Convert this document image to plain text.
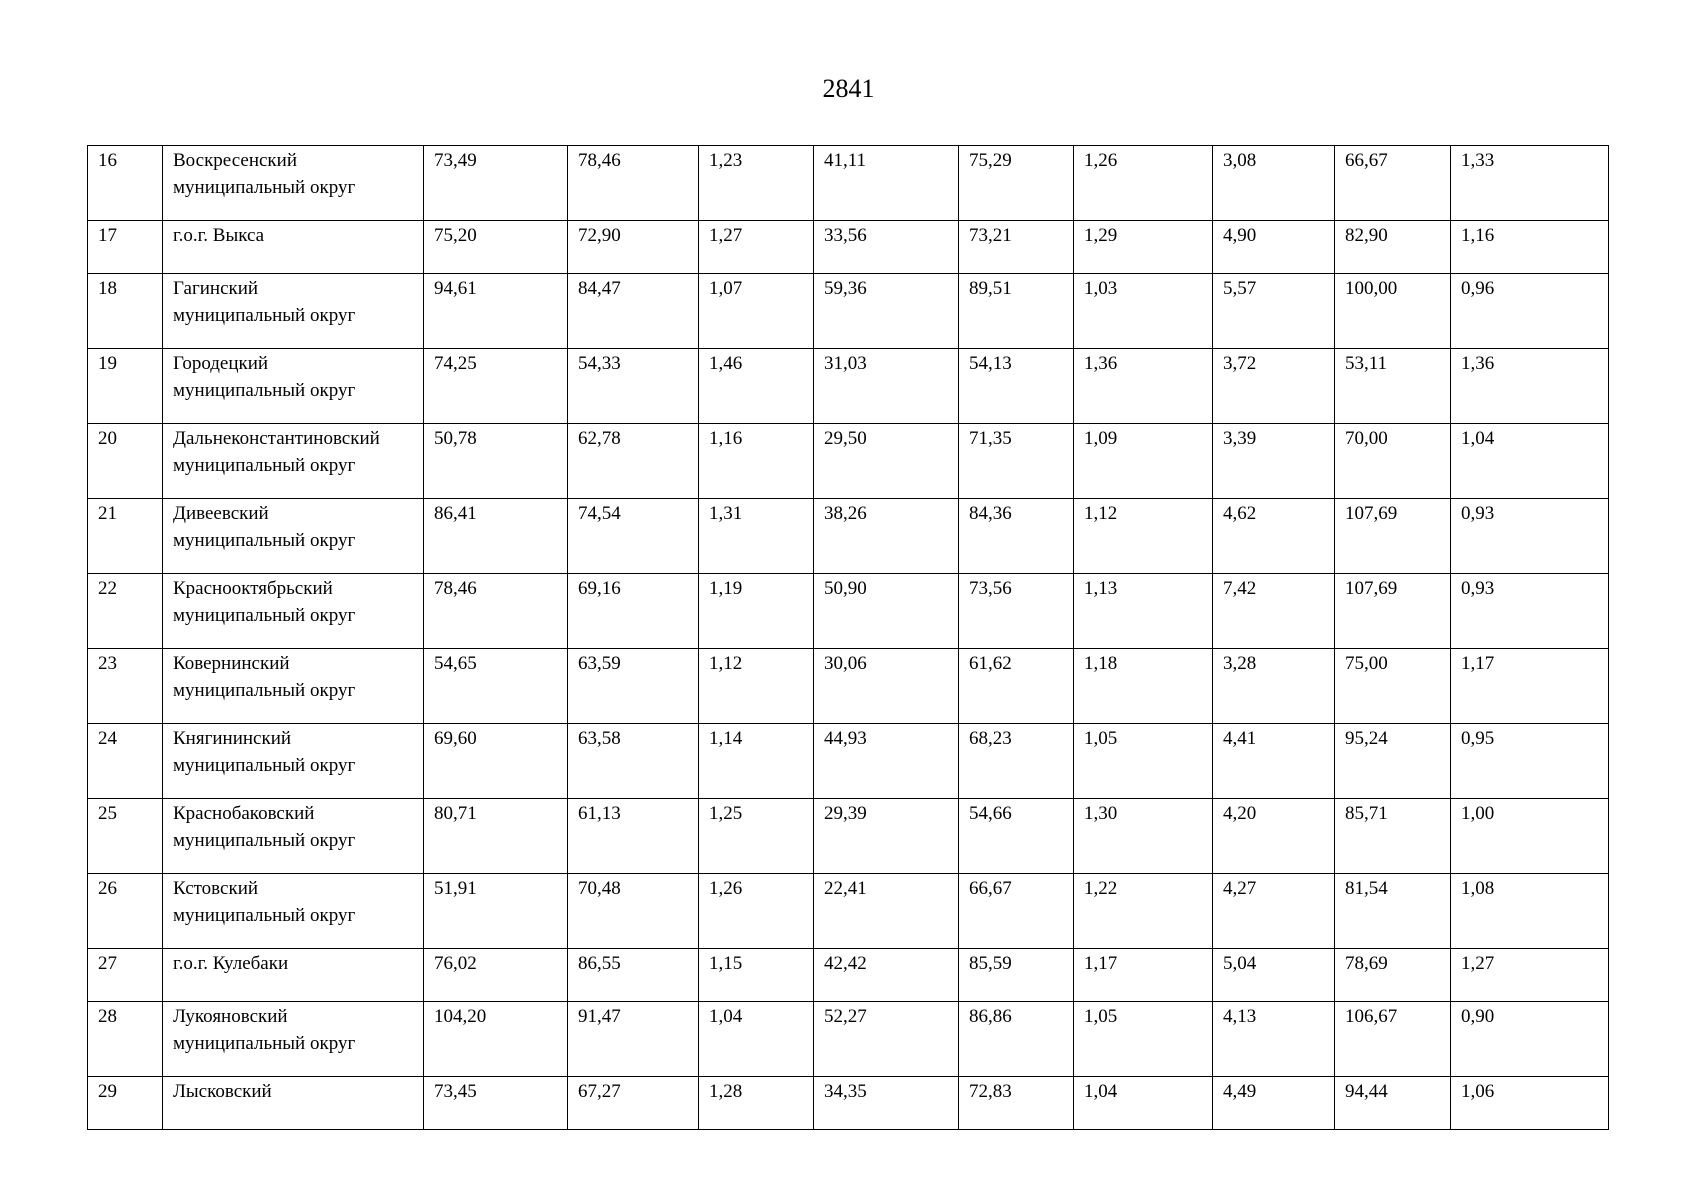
2841
16	Воскресенский
муниципальный округ	73,49	78,46	1,23	41,11	75,29	1,26	3,08	66,67	1,33
17	г.о.г. Выкса	75,20	72,90	1,27	33,56	73,21	1,29	4,90	82,90	1,16
18	Гагинский
муниципальный округ	94,61	84,47	1,07	59,36	89,51	1,03	5,57	100,00	0,96
19	Городецкий
муниципальный округ	74,25	54,33	1,46	31,03	54,13	1,36	3,72	53,11	1,36
20	Дальнеконстантиновский
муниципальный округ	50,78	62,78	1,16	29,50	71,35	1,09	3,39	70,00	1,04
21	Дивеевский
муниципальный округ	86,41	74,54	1,31	38,26	84,36	1,12	4,62	107,69	0,93
22	Краснооктябрьский
муниципальный округ	78,46	69,16	1,19	50,90	73,56	1,13	7,42	107,69	0,93
23	Ковернинский
муниципальный округ	54,65	63,59	1,12	30,06	61,62	1,18	3,28	75,00	1,17
24	Княгининский
муниципальный округ	69,60	63,58	1,14	44,93	68,23	1,05	4,41	95,24	0,95
25	Краснобаковский
муниципальный округ	80,71	61,13	1,25	29,39	54,66	1,30	4,20	85,71	1,00
26	Кстовский
муниципальный округ	51,91	70,48	1,26	22,41	66,67	1,22	4,27	81,54	1,08
27	г.о.г. Кулебаки	76,02	86,55	1,15	42,42	85,59	1,17	5,04	78,69	1,27
28	Лукояновский
муниципальный округ	104,20	91,47	1,04	52,27	86,86	1,05	4,13	106,67	0,90
29	Лысковский	73,45	67,27	1,28	34,35	72,83	1,04	4,49	94,44	1,06
